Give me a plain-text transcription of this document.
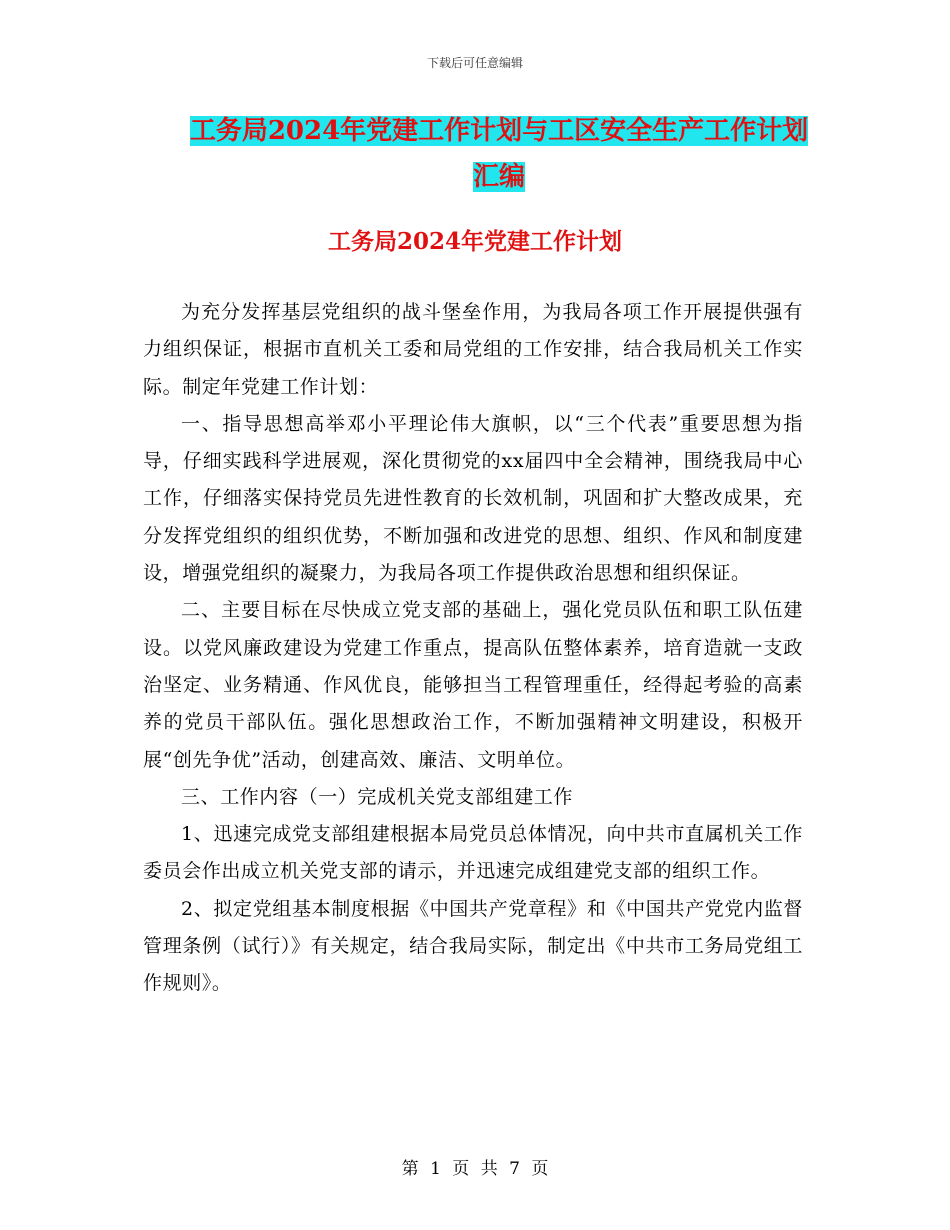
下载后可任意编辑
工务局2024年党建工作计划与工区安全生产工作计划
汇编
工务局2024年党建工作计划

为充分发挥基层党组织的战斗堡垒作用，为我局各项工作开展提供强有力组织保证，根据市直机关工委和局党组的工作安排，结合我局机关工作实际。制定年党建工作计划：

一、指导思想高举邓小平理论伟大旗帜，以“三个代表”重要思想为指导，仔细实践科学进展观，深化贯彻党的xx届四中全会精神，围绕我局中心工作，仔细落实保持党员先进性教育的长效机制，巩固和扩大整改成果，充分发挥党组织的组织优势，不断加强和改进党的思想、组织、作风和制度建设，增强党组织的凝聚力，为我局各项工作提供政治思想和组织保证。

二、主要目标在尽快成立党支部的基础上，强化党员队伍和职工队伍建设。以党风廉政建设为党建工作重点，提高队伍整体素养，培育造就一支政治坚定、业务精通、作风优良，能够担当工程管理重任，经得起考验的高素养的党员干部队伍。强化思想政治工作，不断加强精神文明建设，积极开展“创先争优”活动，创建高效、廉洁、文明单位。

三、工作内容（一）完成机关党支部组建工作

1、迅速完成党支部组建根据本局党员总体情况，向中共市直属机关工作委员会作出成立机关党支部的请示，并迅速完成组建党支部的组织工作。

2、拟定党组基本制度根据《中国共产党章程》和《中国共产党党内监督管理条例（试行）》有关规定，结合我局实际，制定出《中共市工务局党组工作规则》。

第 1 页 共 7 页
